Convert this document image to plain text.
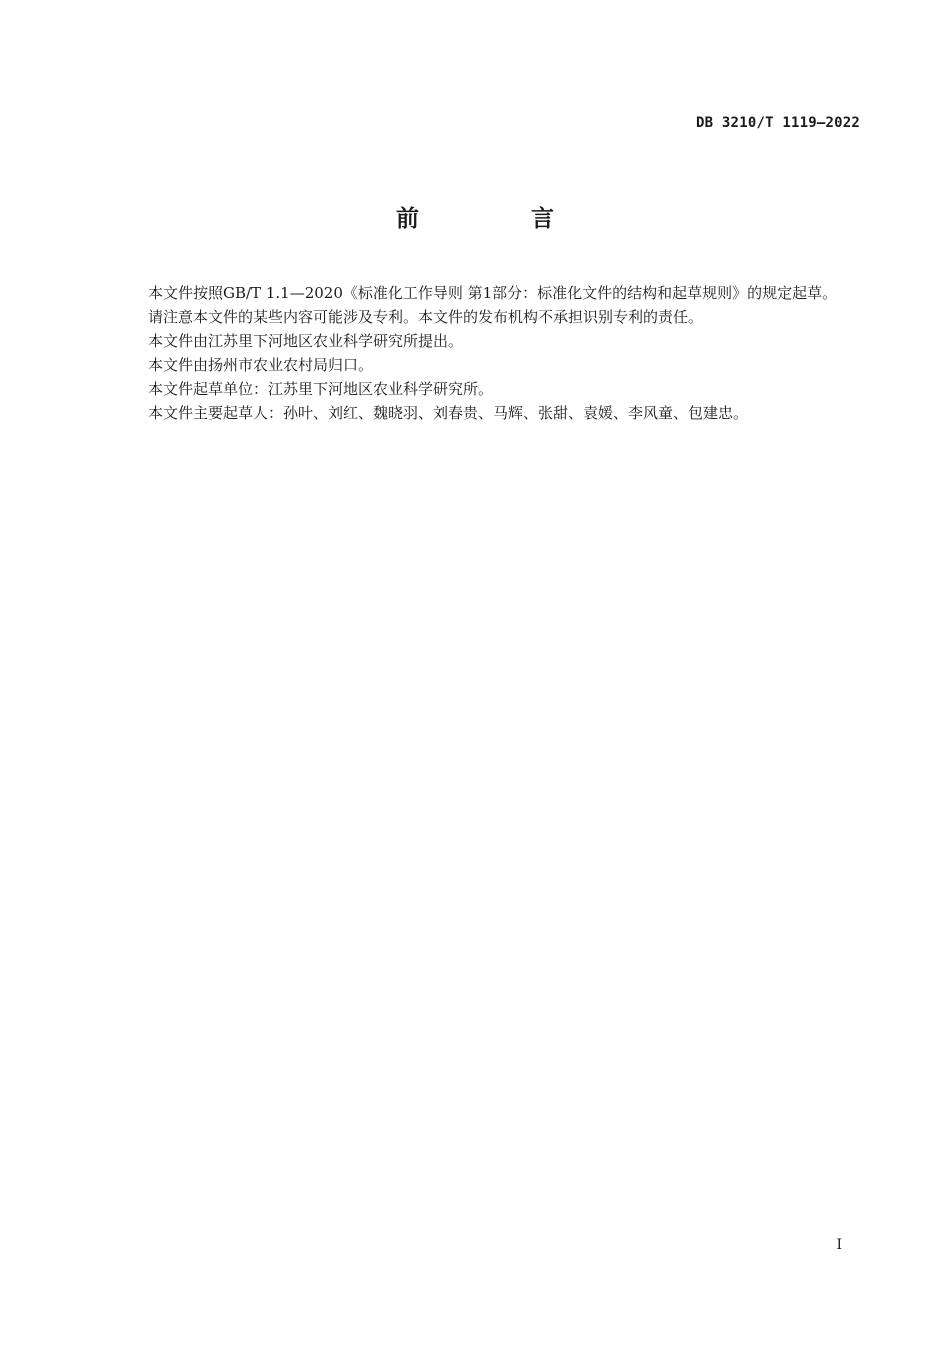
DB 3210/T 1119—2022
前 言

本文件按照GB/T 1.1—2020《标准化工作导则 第1部分：标准化文件的结构和起草规则》的规定起草。

请注意本文件的某些内容可能涉及专利。本文件的发布机构不承担识别专利的责任。

本文件由江苏里下河地区农业科学研究所提出。

本文件由扬州市农业农村局归口。

本文件起草单位：江苏里下河地区农业科学研究所。

本文件主要起草人：孙叶、刘红、魏晓羽、刘春贵、马辉、张甜、袁媛、李风童、包建忠。

I
